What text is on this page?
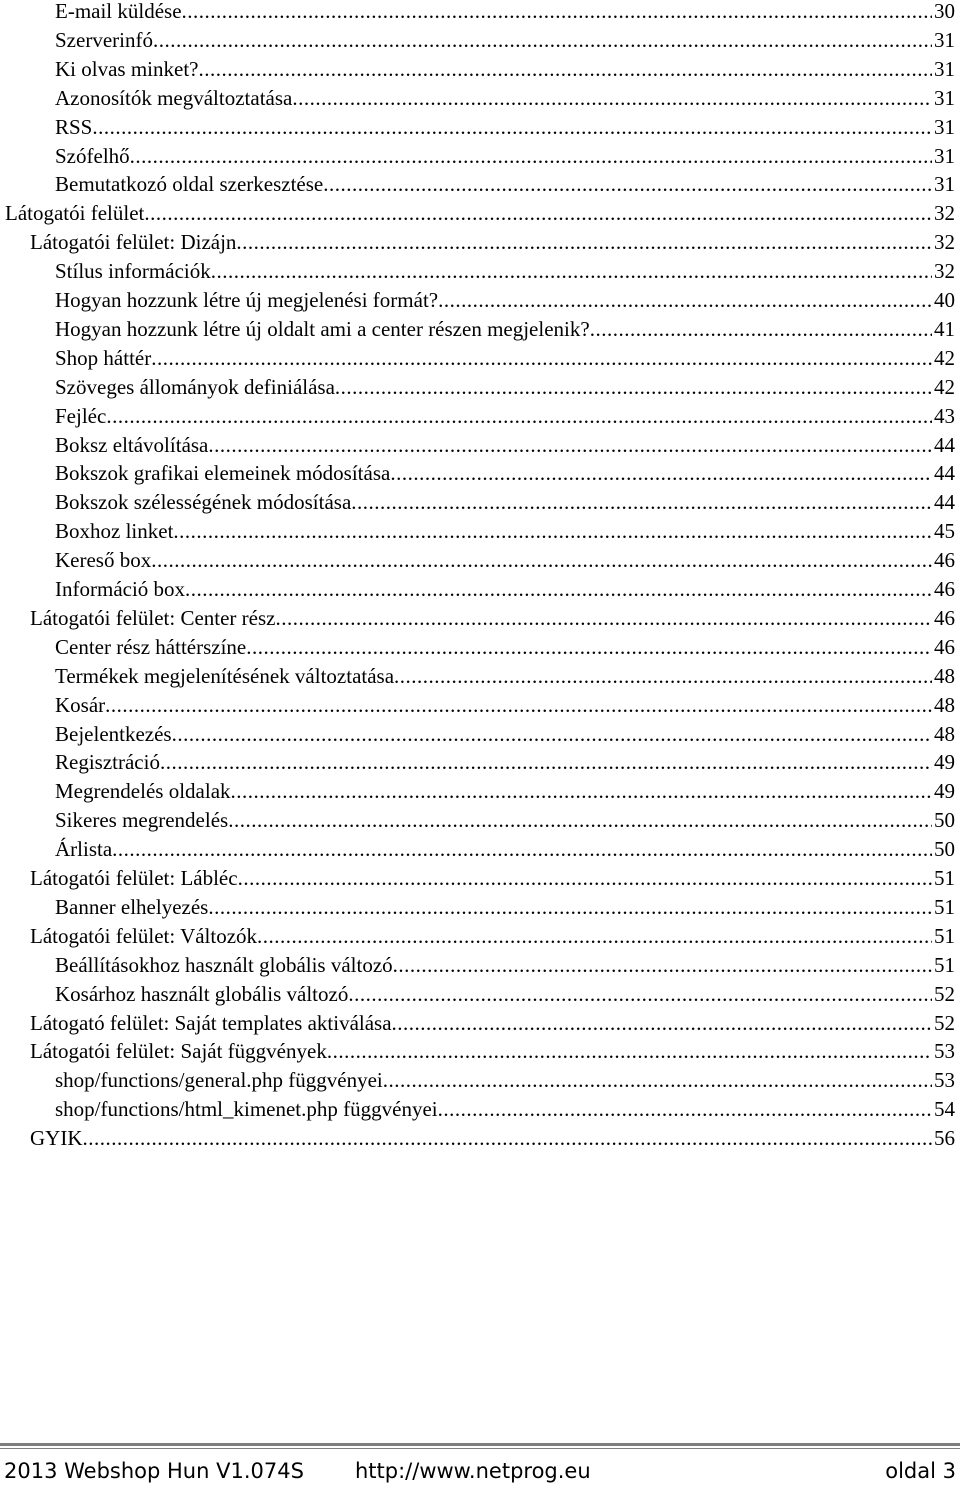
E-mail küldése .....	30
Szerverinfó .....	31
Ki olvas minket? .....	31
Azonosítók megváltoztatása .....	31
RSS .....	31
Szófelhő .....	31
Bemutatkozó oldal szerkesztése .....	31
Látogatói felület .....	32
Látogatói felület: Dizájn .....	32
Stílus információk .....	32
Hogyan hozzunk létre új megjelenési formát? .....	40
Hogyan hozzunk létre új oldalt ami a center részen megjelenik? .....	41
Shop háttér .....	42
Szöveges állományok definiálása .....	42
Fejléc .....	43
Boksz eltávolítása .....	44
Bokszok grafikai elemeinek módosítása .....	44
Bokszok szélességének módosítása .....	44
Boxhoz linket .....	45
Kereső box .....	46
Információ box .....	46
Látogatói felület: Center rész .....	46
Center rész háttérszíne .....	46
Termékek megjelenítésének változtatása .....	48
Kosár .....	48
Bejelentkezés .....	48
Regisztráció .....	49
Megrendelés oldalak .....	49
Sikeres megrendelés .....	50
Árlista .....	50
Látogatói felület: Lábléc .....	51
Banner elhelyezés .....	51
Látogatói felület: Változók .....	51
Beállításokhoz használt globális változó .....	51
Kosárhoz használt globális változó .....	52
Látogató felület: Saját templates aktiválása .....	52
Látogatói felület: Saját függvények .....	53
shop/functions/general.php függvényei .....	53
shop/functions/html_kimenet.php függvényei .....	54
GYIK .....	56
2013 Webshop Hun V1.074S http://www.netprog.eu	oldal 3
